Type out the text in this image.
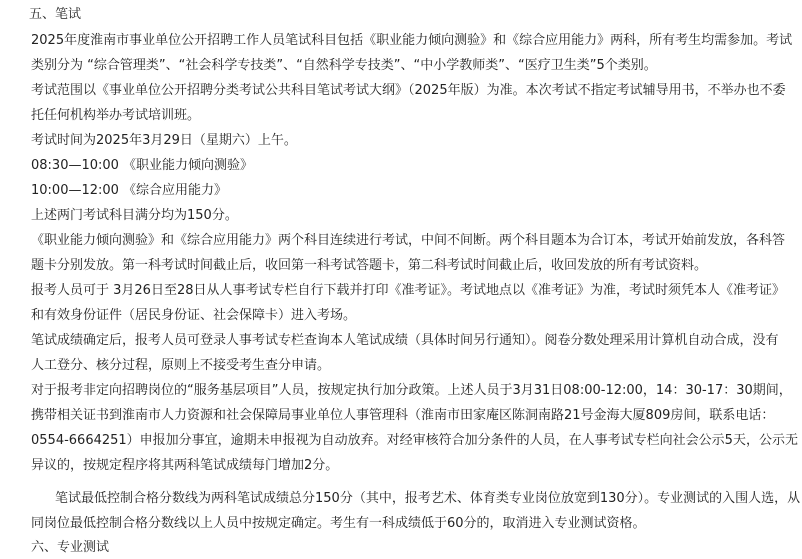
五、笔试
2025年度淮南市事业单位公开招聘工作人员笔试科目包括《职业能力倾向测验》和《综合应用能力》两科，所有考生均需参加。考试
类别分为 “综合管理类”、“社会科学专技类”、“自然科学专技类”、“中小学教师类”、“医疗卫生类”5个类别。
考试范围以《事业单位公开招聘分类考试公共科目笔试考试大纲》（2025年版）为准。本次考试不指定考试辅导用书，不举办也不委
托任何机构举办考试培训班。
考试时间为2025年3月29日（星期六）上午。
08:30—10:00 《职业能力倾向测验》
10:00—12:00 《综合应用能力》
上述两门考试科目满分均为150分。
《职业能力倾向测验》和《综合应用能力》两个科目连续进行考试，中间不间断。两个科目题本为合订本，考试开始前发放，各科答
题卡分别发放。第一科考试时间截止后，收回第一科考试答题卡，第二科考试时间截止后，收回发放的所有考试资料。
报考人员可于 3月26日至28日从人事考试专栏自行下载并打印《准考证》。考试地点以《准考证》为准，考试时须凭本人《准考证》
和有效身份证件（居民身份证、社会保障卡）进入考场。
笔试成绩确定后，报考人员可登录人事考试专栏查询本人笔试成绩（具体时间另行通知）。阅卷分数处理采用计算机自动合成，没有
人工登分、核分过程，原则上不接受考生查分申请。
对于报考非定向招聘岗位的“服务基层项目”人员，按规定执行加分政策。上述人员于3月31日08:00-12:00，14：30-17：30期间，
携带相关证书到淮南市人力资源和社会保障局事业单位人事管理科（淮南市田家庵区陈洞南路21号金海大厦809房间，联系电话：
0554-6664251）申报加分事宜，逾期未申报视为自动放弃。对经审核符合加分条件的人员，在人事考试专栏向社会公示5天，公示无
异议的，按规定程序将其两科笔试成绩每门增加2分。
笔试最低控制合格分数线为两科笔试成绩总分150分（其中，报考艺术、体育类专业岗位放宽到130分）。专业测试的入围人选，从
同岗位最低控制合格分数线以上人员中按规定确定。考生有一科成绩低于60分的，取消进入专业测试资格。
六、专业测试
